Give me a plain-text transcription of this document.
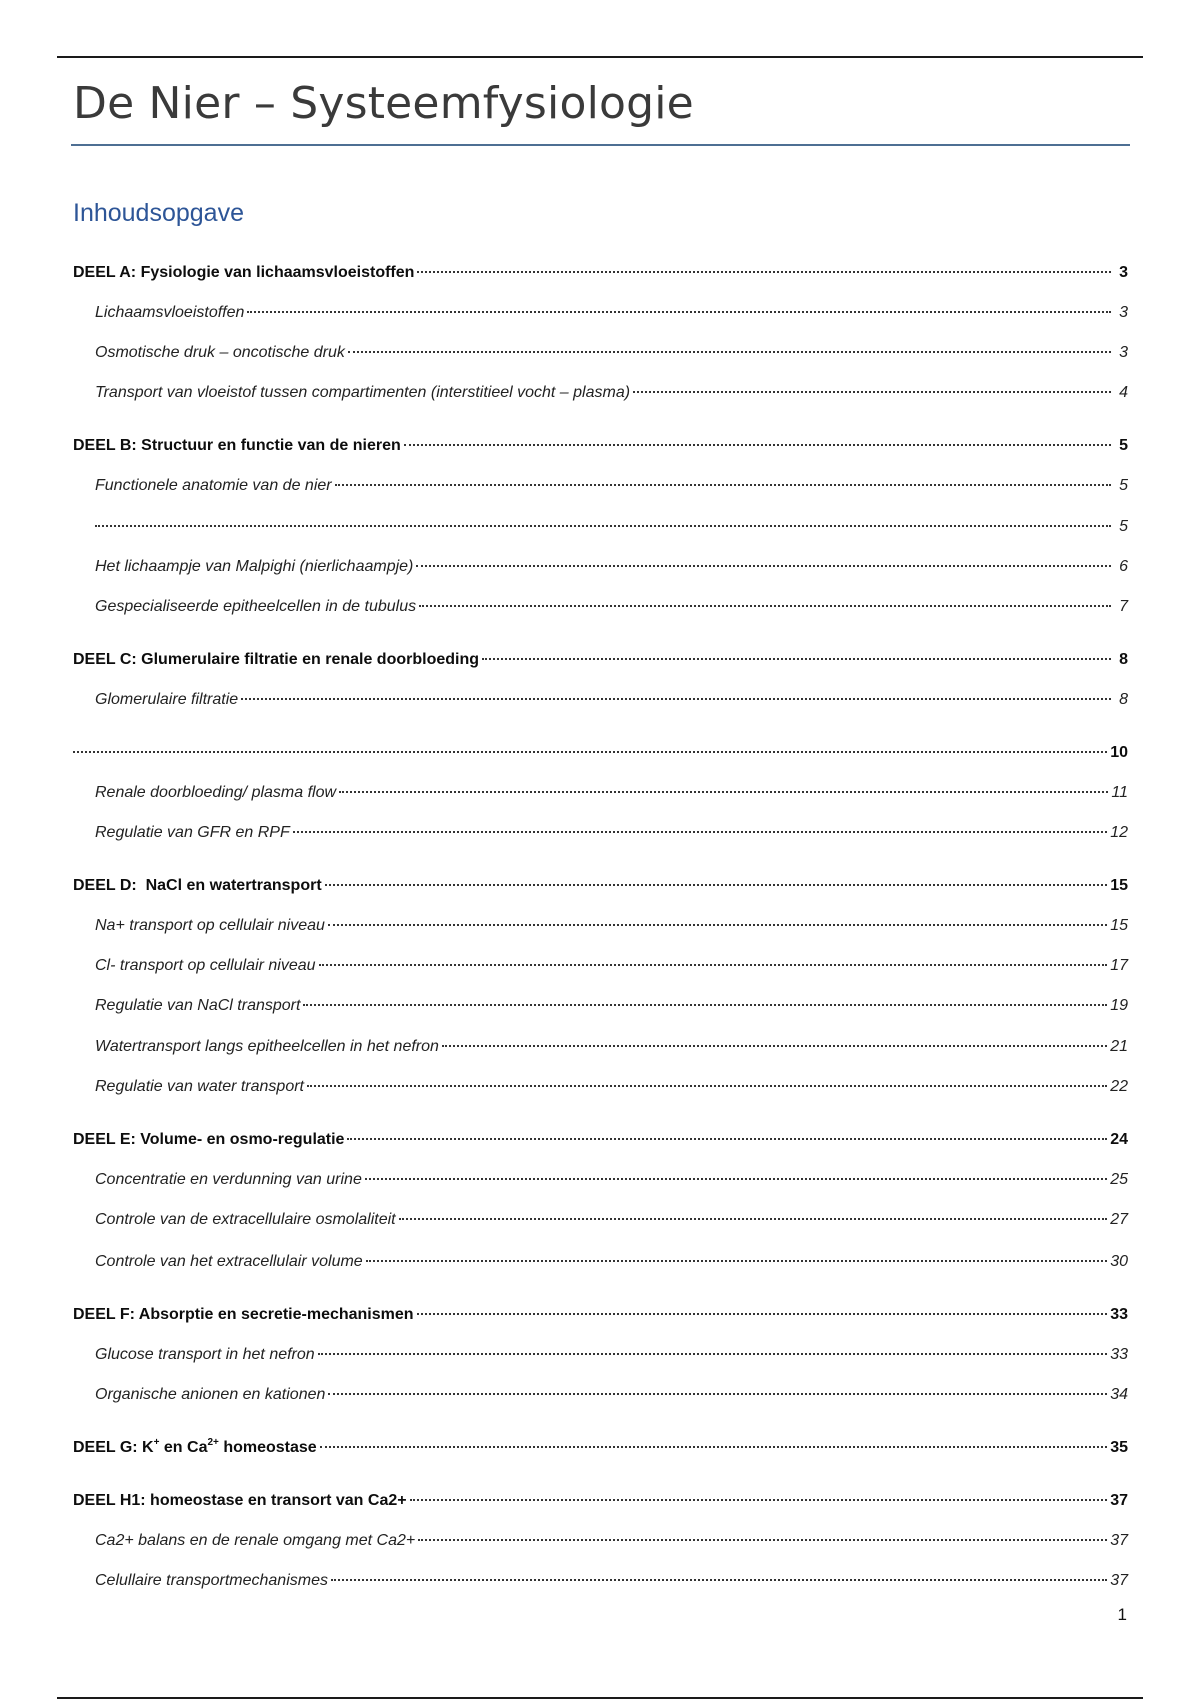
De Nier – Systeemfysiologie
Inhoudsopgave
DEEL A: Fysiologie van lichaamsvloeistoffen	3
Lichaamsvloeistoffen	3
Osmotische druk – oncotische druk	3
Transport van vloeistof tussen compartimenten (interstitieel vocht – plasma)	4
DEEL B: Structuur en functie van de nieren	5
Functionele anatomie van de nier	5
5
Het lichaampje van Malpighi (nierlichaampje)	6
Gespecialiseerde epitheelcellen in de tubulus	7
DEEL C: Glumerulaire filtratie en renale doorbloeding	8
Glomerulaire filtratie	8
10
Renale doorbloeding/ plasma flow	11
Regulatie van GFR en RPF	12
DEEL D:  NaCl en watertransport	15
Na+ transport op cellulair niveau	15
Cl- transport op cellulair niveau	17
Regulatie van NaCl transport	19
Watertransport langs epitheelcellen in het nefron	21
Regulatie van water transport	22
DEEL E: Volume- en osmo-regulatie	24
Concentratie en verdunning van urine	25
Controle van de extracellulaire osmolaliteit	27
Controle van het extracellulair volume	30
DEEL F: Absorptie en secretie-mechanismen	33
Glucose transport in het nefron	33
Organische anionen en kationen	34
DEEL G: K+ en $Ca^{2+}$ homeostase	35
DEEL H1: homeostase en transort van Ca2+	37
Ca2+ balans en de renale omgang met Ca2+	37
Celullaire transportmechanismes	37
1
